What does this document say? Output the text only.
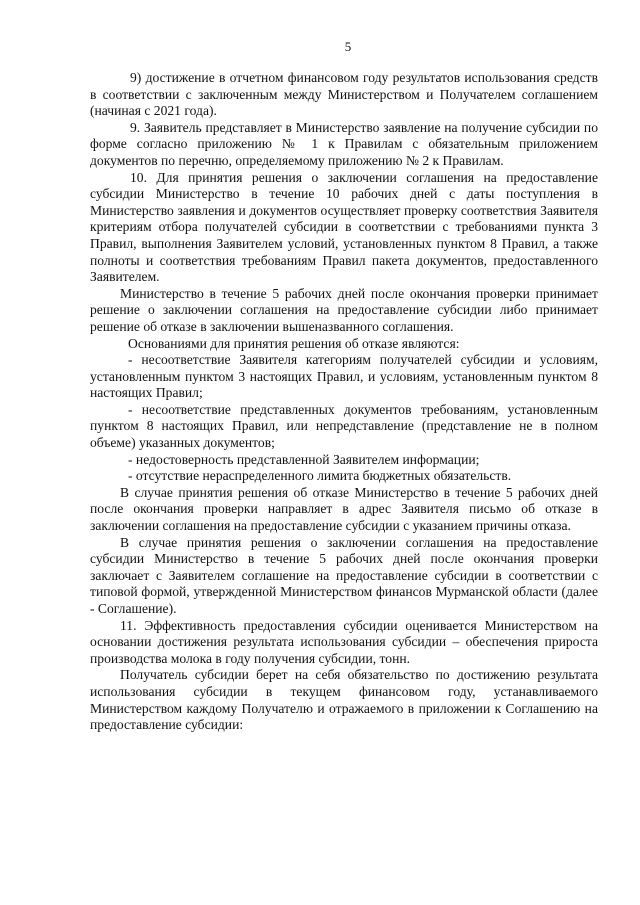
5

9) достижение в отчетном финансовом году результатов использования средств в соответствии с заключенным между Министерством и Получателем соглашением (начиная с 2021 года).

9. Заявитель представляет в Министерство заявление на получение субсидии по форме согласно приложению № 1 к Правилам с обязательным приложением документов по перечню, определяемому приложению № 2 к Правилам.

10. Для принятия решения о заключении соглашения на предоставление субсидии Министерство в течение 10 рабочих дней с даты поступления в Министерство заявления и документов осуществляет проверку соответствия Заявителя критериям отбора получателей субсидии в соответствии с требованиями пункта 3 Правил, выполнения Заявителем условий, установленных пунктом 8 Правил, а также полноты и соответствия требованиям Правил пакета документов, предоставленного Заявителем.

Министерство в течение 5 рабочих дней после окончания проверки принимает решение о заключении соглашения на предоставление субсидии либо принимает решение об отказе в заключении вышеназванного соглашения.

Основаниями для принятия решения об отказе являются:

- несоответствие Заявителя категориям получателей субсидии и условиям, установленным пунктом 3 настоящих Правил, и условиям, установленным пунктом 8 настоящих Правил;

- несоответствие представленных документов требованиям, установленным пунктом 8 настоящих Правил, или непредставление (представление не в полном объеме) указанных документов;

- недостоверность представленной Заявителем информации;

- отсутствие нераспределенного лимита бюджетных обязательств.

В случае принятия решения об отказе Министерство в течение 5 рабочих дней после окончания проверки направляет в адрес Заявителя письмо об отказе в заключении соглашения на предоставление субсидии с указанием причины отказа.

В случае принятия решения о заключении соглашения на предоставление субсидии Министерство в течение 5 рабочих дней после окончания проверки заключает с Заявителем соглашение на предоставление субсидии в соответствии с типовой формой, утвержденной Министерством финансов Мурманской области (далее - Соглашение).

11. Эффективность предоставления субсидии оценивается Министерством на основании достижения результата использования субсидии – обеспечения прироста производства молока в году получения субсидии, тонн.

Получатель субсидии берет на себя обязательство по достижению результата использования субсидии в текущем финансовом году, устанавливаемого Министерством каждому Получателю и отражаемого в приложении к Соглашению на предоставление субсидии:
